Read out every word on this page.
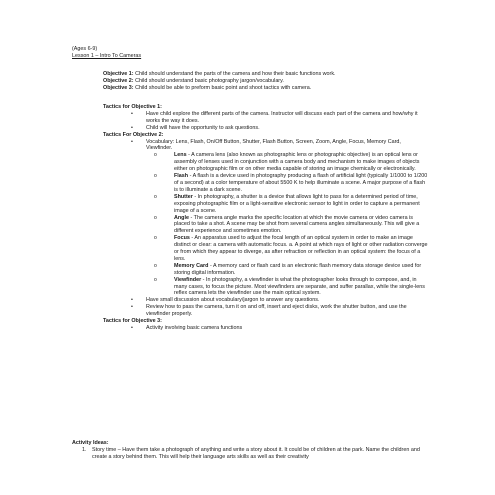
(Ages 6-9)
Lesson 1 – Intro To Cameras
Objective 1: Child should understand the parts of the camera and how their basic functions work.
Objective 2: Child should understand basic photography jargon/vocabulary.
Objective 3: Child should be able to preform basic point and shoot tactics with camera.
Tactics for Objective 1:
• Have child explore the different parts of the camera. Instructor will discuss each part of the camera and how/why it works the way it does.
• Child will have the opportunity to ask questions.
Tactics For Objective 2:
• Vocabulary: Lens, Flash, On/Off Button, Shutter, Flash Button, Screen, Zoom, Angle, Focus, Memory Card, Viewfinder.
o	Lens - A camera lens (also known as photographic lens or photographic objective) is an optical lens or assembly of lenses used in conjunction with a camera body and mechanism to make images of objects either on photographic film or on other media capable of storing an image chemically or electronically.
o	Flash - A flash is a device used in photography producing a flash of artificial light (typically 1/1000 to 1/200 of a second) at a color temperature of about 5500 K to help illuminate a scene. A major purpose of a flash is to illuminate a dark scene.
o	Shutter - In photography, a shutter is a device that allows light to pass for a determined period of time, exposing photographic film or a light-sensitive electronic sensor to light in order to capture a permanent image of a scene.
o	Angle - The camera angle marks the specific location at which the movie camera or video camera is placed to take a shot. A scene may be shot from several camera angles simultaneously. This will give a different experience and sometimes emotion.
o	Focus - An apparatus used to adjust the focal length of an optical system in order to make an image distinct or clear: a camera with automatic focus. a. A point at which rays of light or other radiation converge or from which they appear to diverge, as after refraction or reflection in an optical system: the focus of a lens.
o	Memory Card - A memory card or flash card is an electronic flash memory data storage device used for storing digital information.
o	Viewfinder - In photography, a viewfinder is what the photographer looks through to compose, and, in many cases, to focus the picture. Most viewfinders are separate, and suffer parallax, while the single-lens reflex camera lets the viewfinder use the main optical system.
• Have small discussion about vocabulary/jargon to answer any questions.
• Review how to pass the camera, turn it on and off, insert and eject disks, work the shutter button, and use the viewfinder properly.
Tactics for Objective 3:
• Activity involving basic camera functions
Activity Ideas:
1. Story time – Have them take a photograph of anything and write a story about it. It could be of children at the park. Name the children and create a story behind them. This will help their language arts skills as well as their creativity
